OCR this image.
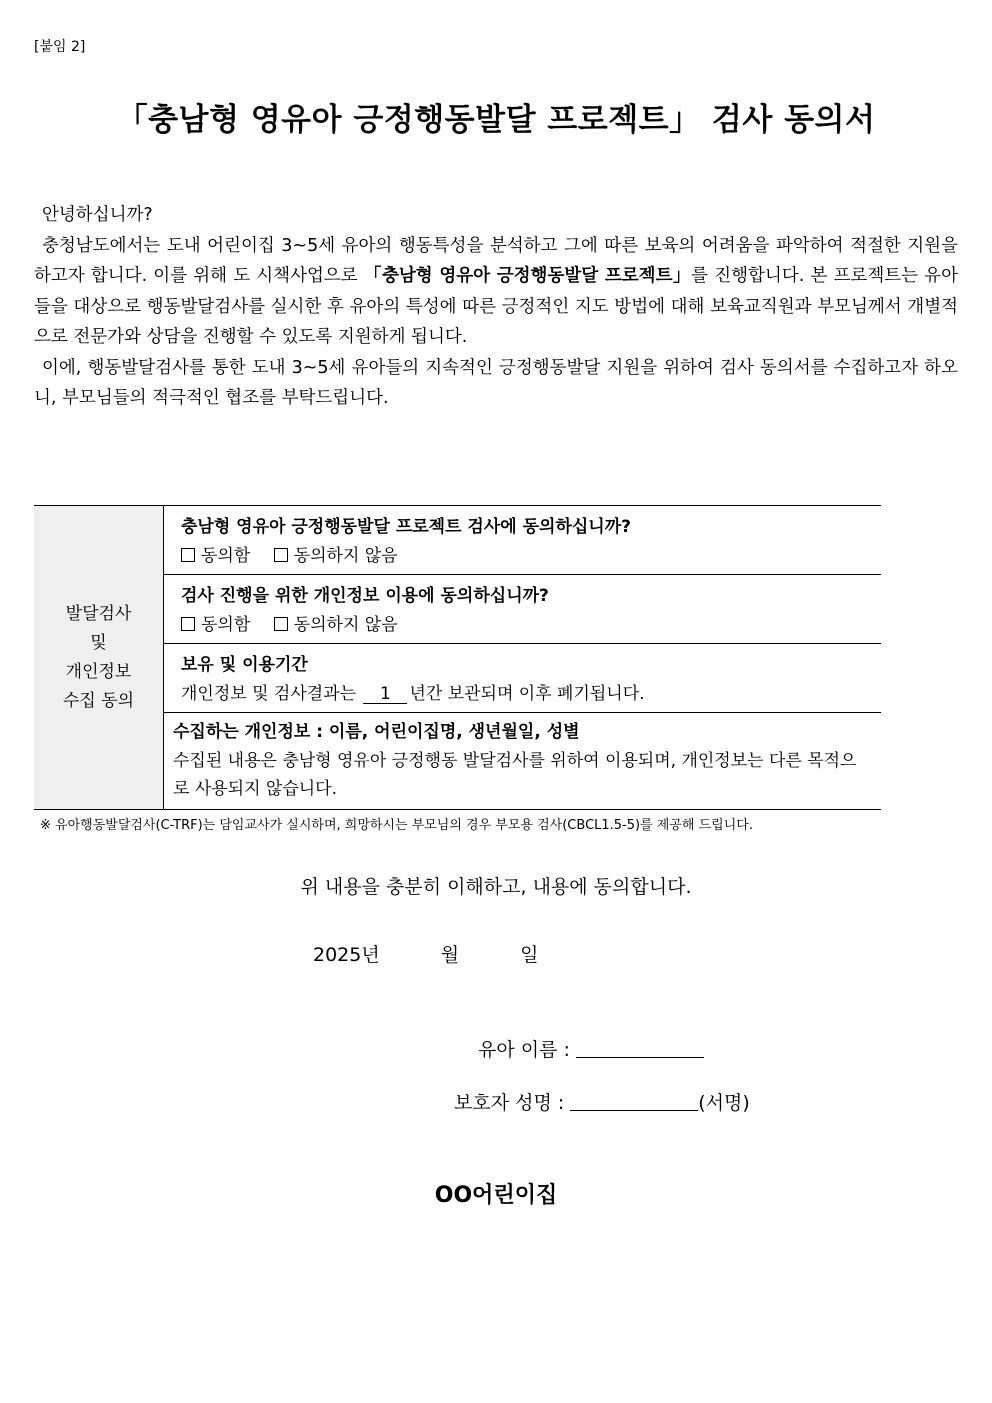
[붙임 2]
「충남형 영유아 긍정행동발달 프로젝트」 검사 동의서

안녕하십니까?

충청남도에서는 도내 어린이집 3~5세 유아의 행동특성을 분석하고 그에 따른 보육의 어려움을 파악하여 적절한 지원을 하고자 합니다. 이를 위해 도 시책사업으로 「충남형 영유아 긍정행동발달 프로젝트」를 진행합니다. 본 프로젝트는 유아들을 대상으로 행동발달검사를 실시한 후 유아의 특성에 따른 긍정적인 지도 방법에 대해 보육교직원과 부모님께서 개별적으로 전문가와 상담을 진행할 수 있도록 지원하게 됩니다.

이에, 행동발달검사를 통한 도내 3~5세 유아들의 지속적인 긍정행동발달 지원을 위하여 검사 동의서를 수집하고자 하오니, 부모님들의 적극적인 협조를 부탁드립니다.

발달검사
및
개인정보
수집 동의

충남형 영유아 긍정행동발달 프로젝트 검사에 동의하십니까?
동의함	동의하지 않음

검사 진행을 위한 개인정보 이용에 동의하십니까?
동의함	동의하지 않음

보유 및 이용기간
개인정보 및 검사결과는 1 년간 보관되며 이후 폐기됩니다.

수집하는 개인정보 : 이름, 어린이집명, 생년월일, 성별
수집된 내용은 충남형 영유아 긍정행동 발달검사를 위하여 이용되며, 개인정보는 다른 목적으로 사용되지 않습니다.
※ 유아행동발달검사(C-TRF)는 담임교사가 실시하며, 희망하시는 부모님의 경우 부모용 검사(CBCL1.5-5)를 제공해 드립니다.
위 내용을 충분히 이해하고, 내용에 동의합니다.
2025년	월	일
유아 이름 :
보호자 성명 :	(서명)
OO어린이집
